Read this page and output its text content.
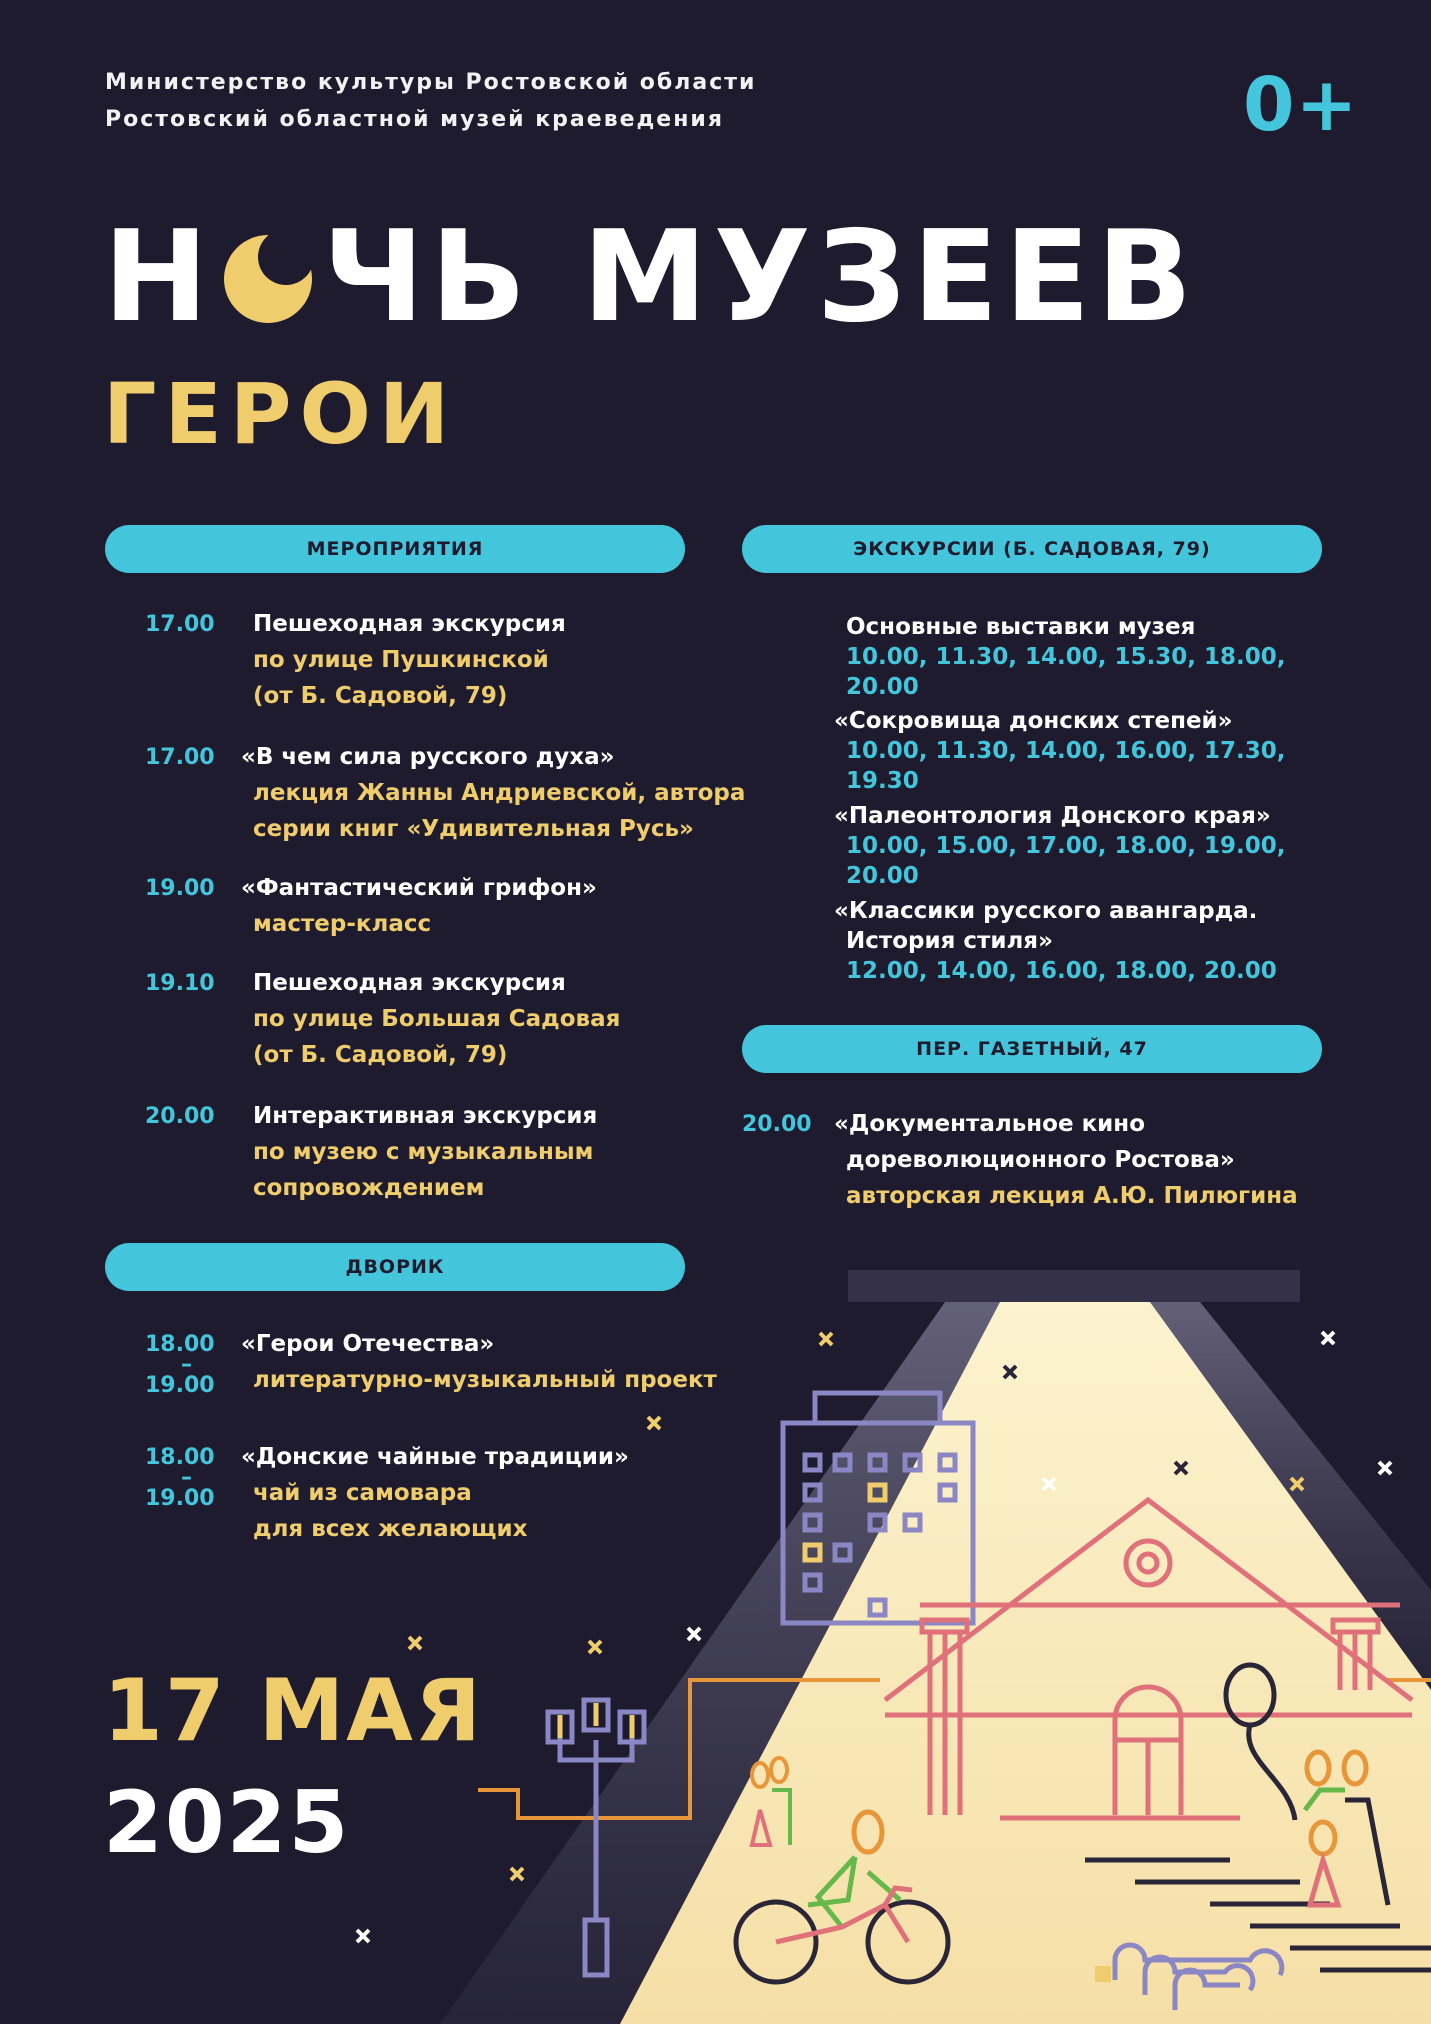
Министерство культуры Ростовской области
Ростовский областной музей краеведения	0+
Н ЧЬ МУЗЕЕВ
ГЕРОИ
МЕРОПРИЯТИЯ
17.00 Пешеходная экскурсия
по улице Пушкинской
(от Б. Садовой, 79)
17.00 «В чем сила русского духа»
лекция Жанны Андриевской, автора
серии книг «Удивительная Русь»
19.00 «Фантастический грифон»
мастер-класс
19.10 Пешеходная экскурсия
по улице Большая Садовая
(от Б. Садовой, 79)
20.00 Интерактивная экскурсия
по музею с музыкальным
сопровождением
ДВОРИК
18.00
–
19.00
«Герои Отечества»
литературно-музыкальный проект
18.00
–
19.00
«Донские чайные традиции»
чай из самовара
для всех желающих
ЭКСКУРСИИ (Б. САДОВАЯ, 79)
Основные выставки музея
10.00, 11.30, 14.00, 15.30, 18.00, 20.00
«Сокровища донских степей»
10.00, 11.30, 14.00, 16.00, 17.30, 19.30
«Палеонтология Донского края»
10.00, 15.00, 17.00, 18.00, 19.00, 20.00
«Классики русского авангарда.
История стиля»
12.00, 14.00, 16.00, 18.00, 20.00
ПЕР. ГАЗЕТНЫЙ, 47
20.00 «Документальное кино
дореволюционного Ростова»
авторская лекция А.Ю. Пилюгина
17 МАЯ
2025
